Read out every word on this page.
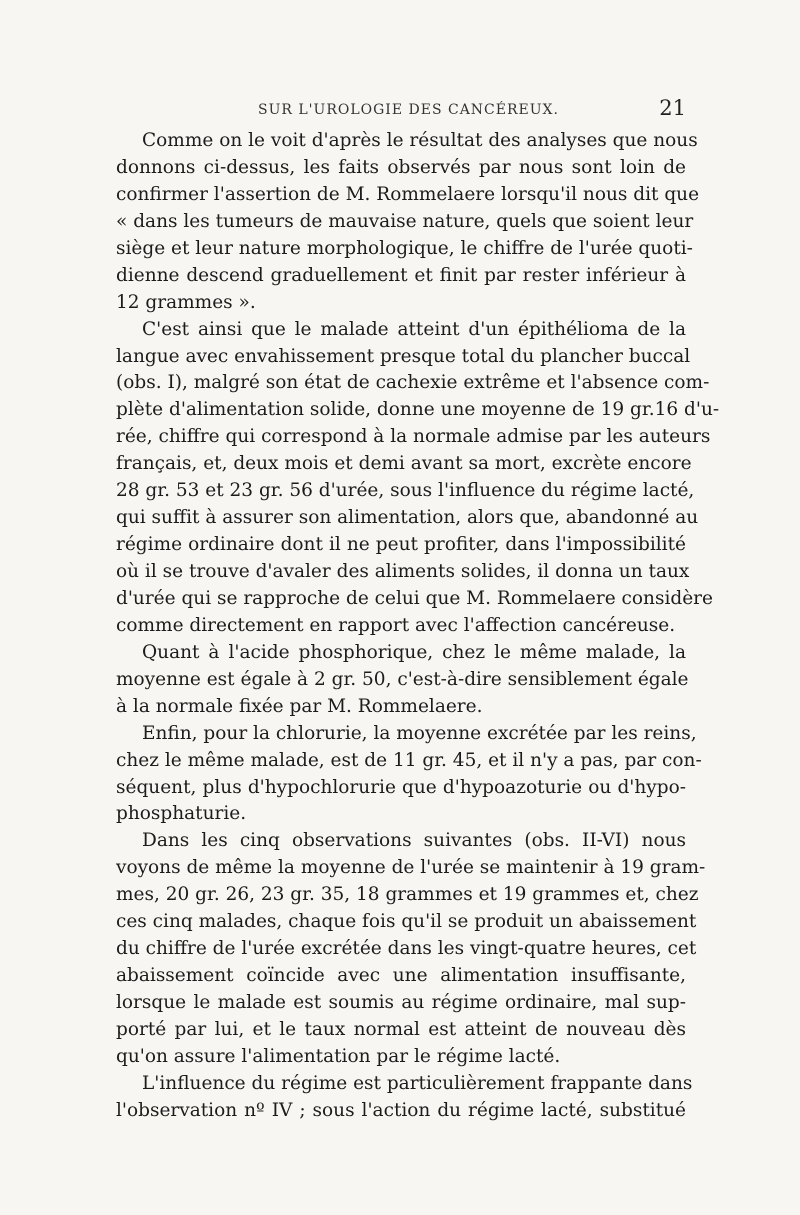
SUR L'UROLOGIE DES CANCÉREUX.	21
Comme on le voit d'après le résultat des analyses que nous
donnons ci-dessus, les faits observés par nous sont loin de
confirmer l'assertion de M. Rommelaere lorsqu'il nous dit que
« dans les tumeurs de mauvaise nature, quels que soient leur
siège et leur nature morphologique, le chiffre de l'urée quoti-
dienne descend graduellement et finit par rester inférieur à
12 grammes ».
C'est ainsi que le malade atteint d'un épithélioma de la
langue avec envahissement presque total du plancher buccal
(obs. I), malgré son état de cachexie extrême et l'absence com-
plète d'alimentation solide, donne une moyenne de 19 gr.16 d'u-
rée, chiffre qui correspond à la normale admise par les auteurs
français, et, deux mois et demi avant sa mort, excrète encore
28 gr. 53 et 23 gr. 56 d'urée, sous l'influence du régime lacté,
qui suffit à assurer son alimentation, alors que, abandonné au
régime ordinaire dont il ne peut profiter, dans l'impossibilité
où il se trouve d'avaler des aliments solides, il donna un taux
d'urée qui se rapproche de celui que M. Rommelaere considère
comme directement en rapport avec l'affection cancéreuse.
Quant à l'acide phosphorique, chez le même malade, la
moyenne est égale à 2 gr. 50, c'est-à-dire sensiblement égale
à la normale fixée par M. Rommelaere.
Enfin, pour la chlorurie, la moyenne excrétée par les reins,
chez le même malade, est de 11 gr. 45, et il n'y a pas, par con-
séquent, plus d'hypochlorurie que d'hypoazoturie ou d'hypo-
phosphaturie.
Dans les cinq observations suivantes (obs. II-VI) nous
voyons de même la moyenne de l'urée se maintenir à 19 gram-
mes, 20 gr. 26, 23 gr. 35, 18 grammes et 19 grammes et, chez
ces cinq malades, chaque fois qu'il se produit un abaissement
du chiffre de l'urée excrétée dans les vingt-quatre heures, cet
abaissement coïncide avec une alimentation insuffisante,
lorsque le malade est soumis au régime ordinaire, mal sup-
porté par lui, et le taux normal est atteint de nouveau dès
qu'on assure l'alimentation par le régime lacté.
L'influence du régime est particulièrement frappante dans
l'observation nº IV ; sous l'action du régime lacté, substitué
